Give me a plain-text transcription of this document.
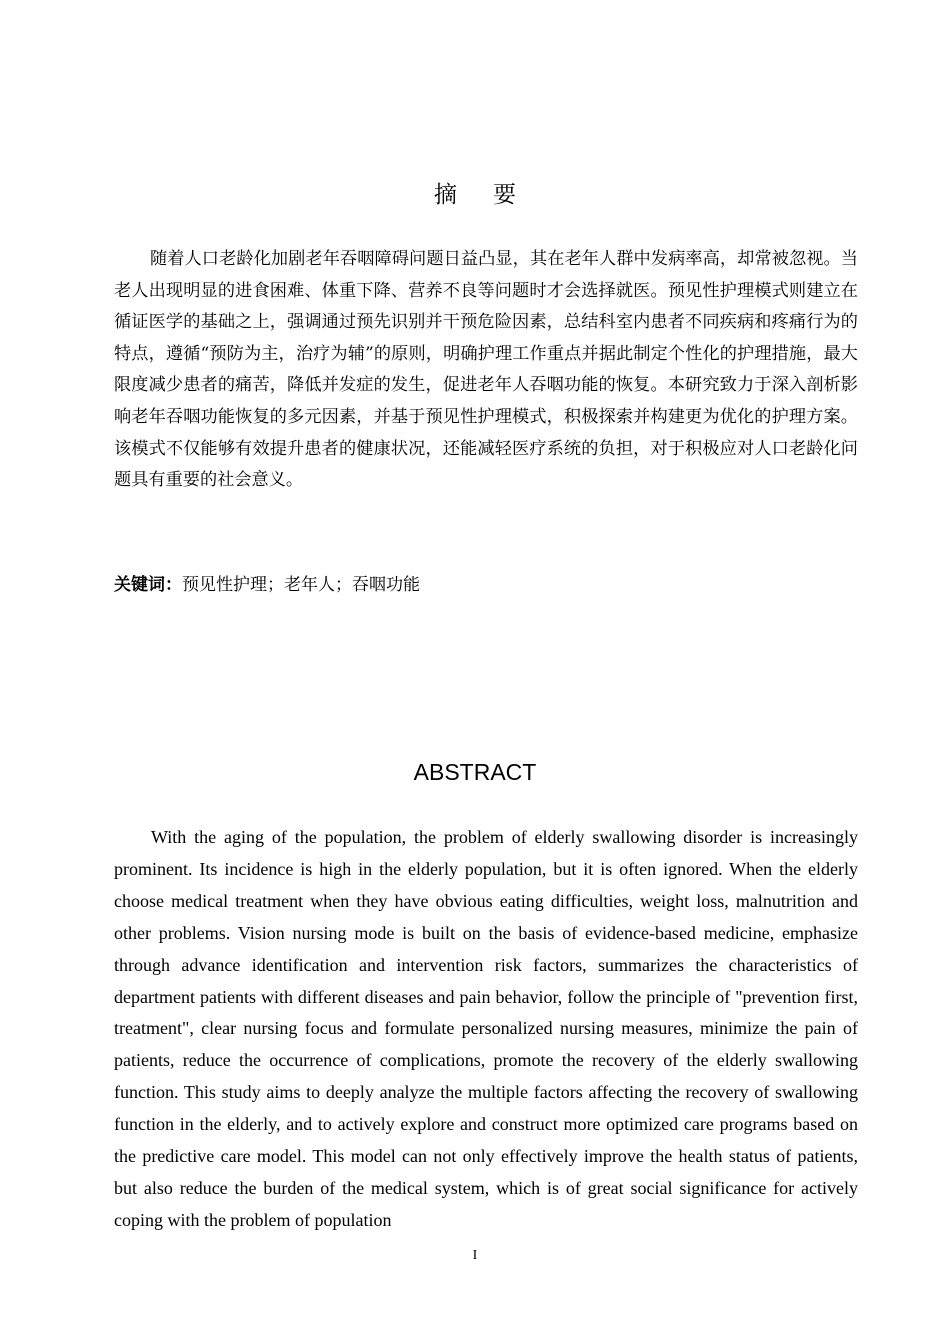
摘要

随着人口老龄化加剧老年吞咽障碍问题日益凸显，其在老年人群中发病率高，却常被忽视。当老人出现明显的进食困难、体重下降、营养不良等问题时才会选择就医。预见性护理模式则建立在循证医学的基础之上，强调通过预先识别并干预危险因素，总结科室内患者不同疾病和疼痛行为的特点，遵循“预防为主，治疗为辅”的原则，明确护理工作重点并据此制定个性化的护理措施，最大限度减少患者的痛苦，降低并发症的发生，促进老年人吞咽功能的恢复。本研究致力于深入剖析影响老年吞咽功能恢复的多元因素，并基于预见性护理模式，积极探索并构建更为优化的护理方案。该模式不仅能够有效提升患者的健康状况，还能减轻医疗系统的负担，对于积极应对人口老龄化问题具有重要的社会意义。

关键词：预见性护理；老年人；吞咽功能
ABSTRACT

With the aging of the population, the problem of elderly swallowing disorder is increasingly prominent. Its incidence is high in the elderly population, but it is often ignored. When the elderly choose medical treatment when they have obvious eating difficulties, weight loss, malnutrition and other problems. Vision nursing mode is built on the basis of evidence-based medicine, emphasize through advance identification and intervention risk factors, summarizes the characteristics of department patients with different diseases and pain behavior, follow the principle of "prevention first, treatment", clear nursing focus and formulate personalized nursing measures, minimize the pain of patients, reduce the occurrence of complications, promote the recovery of the elderly swallowing function. This study aims to deeply analyze the multiple factors affecting the recovery of swallowing function in the elderly, and to actively explore and construct more optimized care programs based on the predictive care model. This model can not only effectively improve the health status of patients, but also reduce the burden of the medical system, which is of great social significance for actively coping with the problem of population

I
